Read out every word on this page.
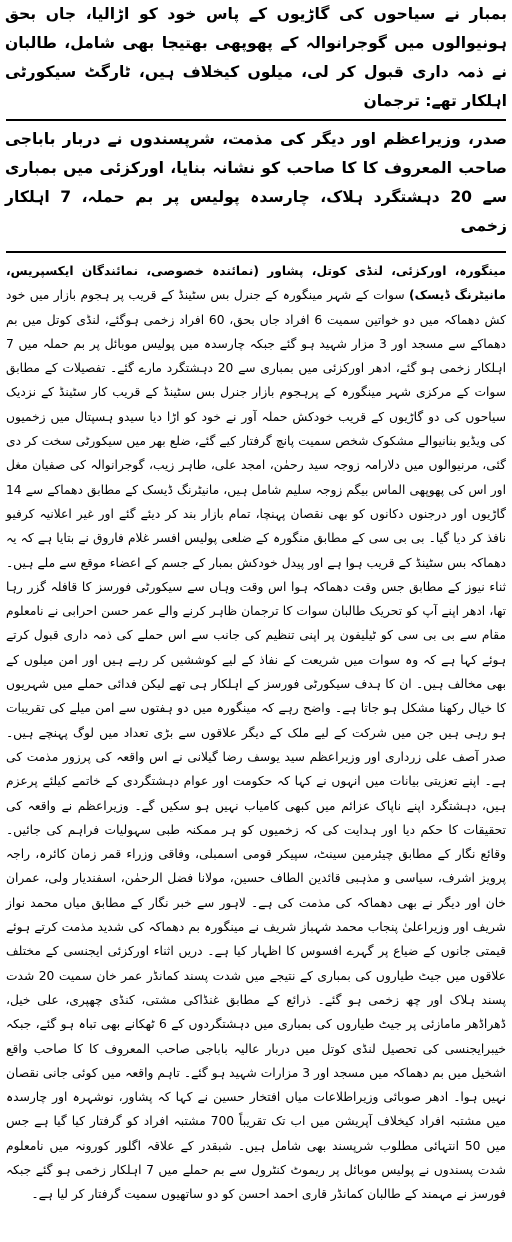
بمبار نے سیاحوں کی گاڑیوں کے پاس خود کو اڑالیا، جاں بحق ہونیوالوں میں گوجرانوالہ کے پھوپھی بھتیجا بھی شامل، طالبان نے ذمہ داری قبول کر لی، میلوں کیخلاف ہیں، ٹارگٹ سیکورٹی اہلکار تھے: ترجمان

صدر، وزیراعظم اور دیگر کی مذمت، شرپسندوں نے دربار باباجی صاحب المعروف کا کا صاحب کو نشانہ بنایا، اورکزئی میں بمباری سے 20 دہشتگرد ہلاک، چارسدہ پولیس پر بم حملہ، 7 اہلکار زخمی

مینگورہ، اورکزئی، لنڈی کوتل، پشاور (نمائندہ خصوصی، نمائندگان ایکسپریس، مانیٹرنگ ڈیسک) سوات کے شہر مینگورہ کے جنرل بس سٹینڈ کے قریب پر ہجوم بازار میں خود کش دھماکہ میں دو خواتین سمیت 6 افراد جاں بحق، 60 افراد زخمی ہوگئے، لنڈی کوتل میں بم دھماکے سے مسجد اور 3 مزار شہید ہو گئے جبکہ چارسدہ میں پولیس موبائل پر بم حملہ میں 7 اہلکار زخمی ہو گئے، ادھر اورکزئی میں بمباری سے 20 دہشتگرد مارے گئے۔ تفصیلات کے مطابق سوات کے مرکزی شہر مینگورہ کے پرہجوم بازار جنرل بس سٹینڈ کے قریب کار سٹینڈ کے نزدیک سیاحوں کی دو گاڑیوں کے قریب خودکش حملہ آور نے خود کو اڑا دیا سیدو ہسپتال میں زخمیوں کی ویڈیو بنانیوالے مشکوک شخص سمیت پانچ گرفتار کیے گئے، ضلع بھر میں سیکورٹی سخت کر دی گئی، مرنیوالوں میں دلارامہ زوجہ سید رحمٰن، امجد علی، طاہر زیب، گوجرانوالہ کی صفیان مغل اور اس کی پھوپھی الماس بیگم زوجہ سلیم شامل ہیں، مانیٹرنگ ڈیسک کے مطابق دھماکے سے 14 گاڑیوں اور درجنوں دکانوں کو بھی نقصان پہنچا، تمام بازار بند کر دیئے گئے اور غیر اعلانیہ کرفیو نافذ کر دیا گیا۔ بی بی سی کے مطابق منگورہ کے ضلعی پولیس افسر غلام فاروق نے بتایا ہے کہ یہ دھماکہ بس سٹینڈ کے قریب ہوا ہے اور پیدل خودکش بمبار کے جسم کے اعضاء موقع سے ملے ہیں۔ ثناء نیوز کے مطابق جس وقت دھماکہ ہوا اس وقت وہاں سے سیکورٹی فورسز کا قافلہ گزر رہا تھا، ادھر اپنے آپ کو تحریک طالبان سوات کا ترجمان ظاہر کرنے والے عمر حسن احرابی نے نامعلوم مقام سے بی بی سی کو ٹیلیفون پر اپنی تنظیم کی جانب سے اس حملے کی ذمہ داری قبول کرتے ہوئے کہا ہے کہ وہ سوات میں شریعت کے نفاذ کے لیے کوششیں کر رہے ہیں اور امن میلوں کے بھی مخالف ہیں۔ ان کا ہدف سیکورٹی فورسز کے اہلکار ہی تھے لیکن فدائی حملے میں شہریوں کا خیال رکھنا مشکل ہو جاتا ہے۔ واضح رہے کہ مینگورہ میں دو ہفتوں سے امن میلے کی تقریبات ہو رہی ہیں جن میں شرکت کے لیے ملک کے دیگر علاقوں سے بڑی تعداد میں لوگ پہنچے ہیں۔ صدر آصف علی زرداری اور وزیراعظم سید یوسف رضا گیلانی نے اس واقعہ کی پرزور مذمت کی ہے۔ اپنے تعزیتی بیانات میں انہوں نے کہا کہ حکومت اور عوام دہشتگردی کے خاتمے کیلئے پرعزم ہیں، دہشتگرد اپنے ناپاک عزائم میں کبھی کامیاب نہیں ہو سکیں گے۔ وزیراعظم نے واقعہ کی تحقیقات کا حکم دیا اور ہدایت کی کہ زخمیوں کو ہر ممکنہ طبی سہولیات فراہم کی جائیں۔ وقائع نگار کے مطابق چیئرمین سینٹ، سپیکر قومی اسمبلی، وفاقی وزراء قمر زمان کائرہ، راجہ پرویز اشرف، سیاسی و مذہبی قائدین الطاف حسین، مولانا فضل الرحمٰن، اسفندیار ولی، عمران خان اور دیگر نے بھی دھماکہ کی مذمت کی ہے۔ لاہور سے خبر نگار کے مطابق میاں محمد نواز شریف اور وزیراعلیٰ پنجاب محمد شہباز شریف نے مینگورہ بم دھماکہ کی شدید مذمت کرتے ہوئے قیمتی جانوں کے ضیاع پر گہرے افسوس کا اظہار کیا ہے۔ دریں اثناء اورکزئی ایجنسی کے مختلف علاقوں میں جیٹ طیاروں کی بمباری کے نتیجے میں شدت پسند کمانڈر عمر خان سمیت 20 شدت پسند ہلاک اور چھ زخمی ہو گئے۔ ذرائع کے مطابق غنڈاکی مشتی، کنڈی چھپری، علی خیل، ڈھراڈھر مامازئی پر جیٹ طیاروں کی بمباری میں دہشتگردوں کے 6 ٹھکانے بھی تباہ ہو گئے، جبکہ خیبرایجنسی کی تحصیل لنڈی کوتل میں دربار عالیہ باباجی صاحب المعروف کا کا صاحب واقع اشخیل میں بم دھماکہ میں مسجد اور 3 مزارات شہید ہو گئے۔ تاہم واقعہ میں کوئی جانی نقصان نہیں ہوا۔ ادھر صوبائی وزیراطلاعات میاں افتخار حسین نے کہا کہ پشاور، نوشہرہ اور چارسدہ میں مشتبہ افراد کیخلاف آپریشن میں اب تک تقریباً 700 مشتبہ افراد کو گرفتار کیا گیا ہے جس میں 50 انتہائی مطلوب شرپسند بھی شامل ہیں۔ شبقدر کے علاقہ اگلور کورونہ میں نامعلوم شدت پسندوں نے پولیس موبائل پر ریموٹ کنٹرول سے بم حملے میں 7 اہلکار زخمی ہو گئے جبکہ فورسز نے مہمند کے طالبان کمانڈر قاری احمد احسن کو دو ساتھیوں سمیت گرفتار کر لیا ہے۔
